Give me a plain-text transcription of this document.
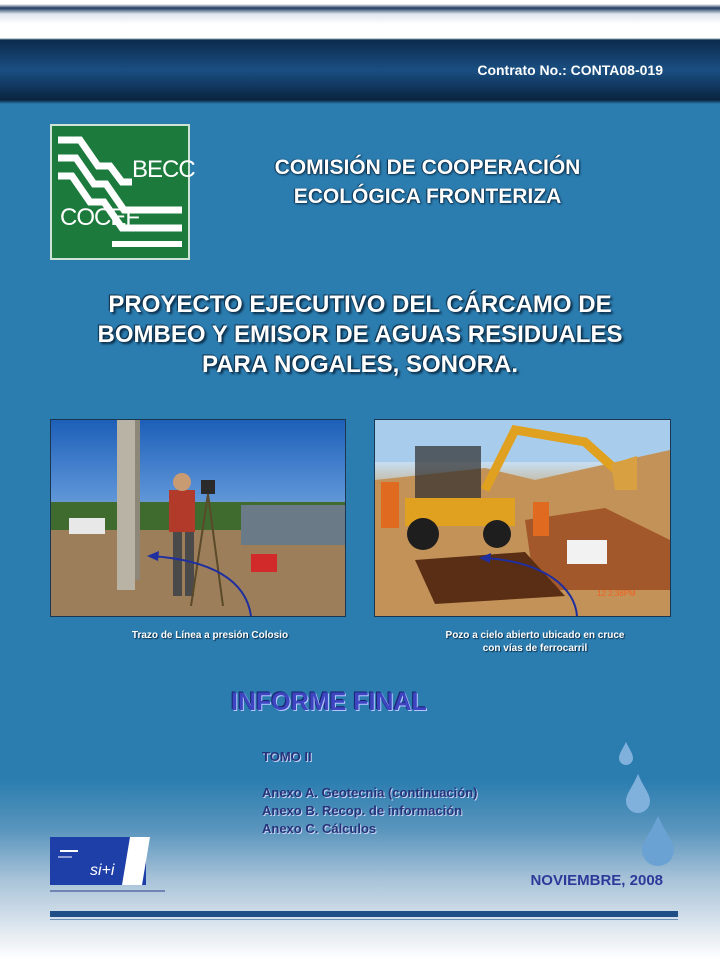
Contrato No.: CONTA08-019
BECC
COCEF
COMISIÓN DE COOPERACIÓN
ECOLÓGICA FRONTERIZA
PROYECTO EJECUTIVO DEL CÁRCAMO DE
BOMBEO Y EMISOR DE AGUAS RESIDUALES
PARA NOGALES, SONORA.
12 2:38PM
Trazo de Línea a presión Colosio	Pozo a cielo abierto ubicado en cruce
con vías de ferrocarril
INFORME FINAL
TOMO II
Anexo A. Geotecnia (continuación)
Anexo B. Recop. de información
Anexo C. Cálculos
si+i
NOVIEMBRE, 2008
